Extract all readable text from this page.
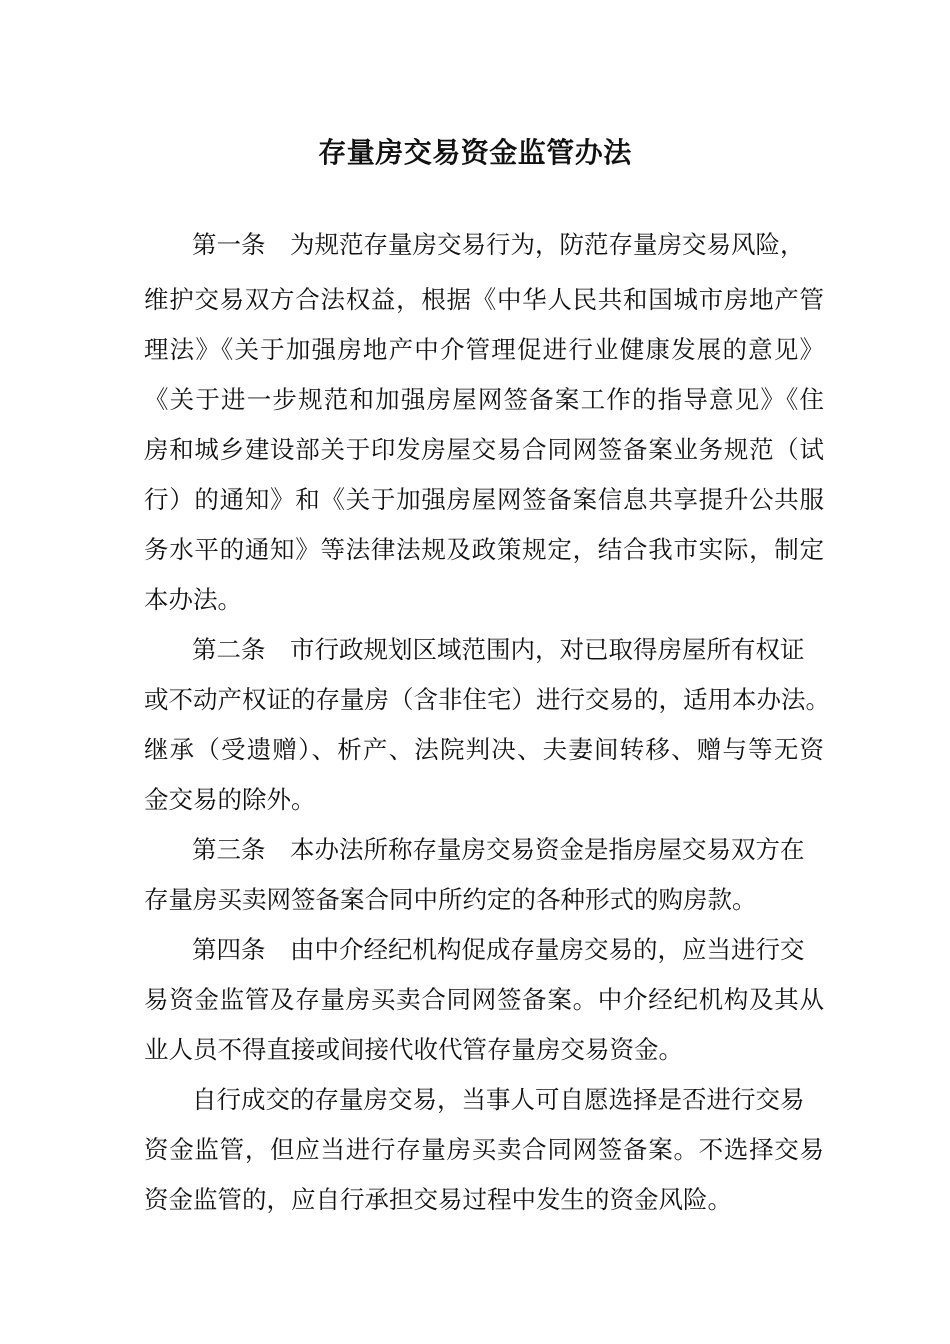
存量房交易资金监管办法
第一条　为规范存量房交易行为，防范存量房交易风险，
维护交易双方合法权益，根据《中华人民共和国城市房地产管
理法》《关于加强房地产中介管理促进行业健康发展的意见》
《关于进一步规范和加强房屋网签备案工作的指导意见》《住
房和城乡建设部关于印发房屋交易合同网签备案业务规范（试
行）的通知》和《关于加强房屋网签备案信息共享提升公共服
务水平的通知》等法律法规及政策规定，结合我市实际，制定
本办法。
第二条　市行政规划区域范围内，对已取得房屋所有权证
或不动产权证的存量房（含非住宅）进行交易的，适用本办法。
继承（受遗赠）、析产、法院判决、夫妻间转移、赠与等无资
金交易的除外。
第三条　本办法所称存量房交易资金是指房屋交易双方在
存量房买卖网签备案合同中所约定的各种形式的购房款。
第四条　由中介经纪机构促成存量房交易的，应当进行交
易资金监管及存量房买卖合同网签备案。中介经纪机构及其从
业人员不得直接或间接代收代管存量房交易资金。
自行成交的存量房交易，当事人可自愿选择是否进行交易
资金监管，但应当进行存量房买卖合同网签备案。不选择交易
资金监管的，应自行承担交易过程中发生的资金风险。
